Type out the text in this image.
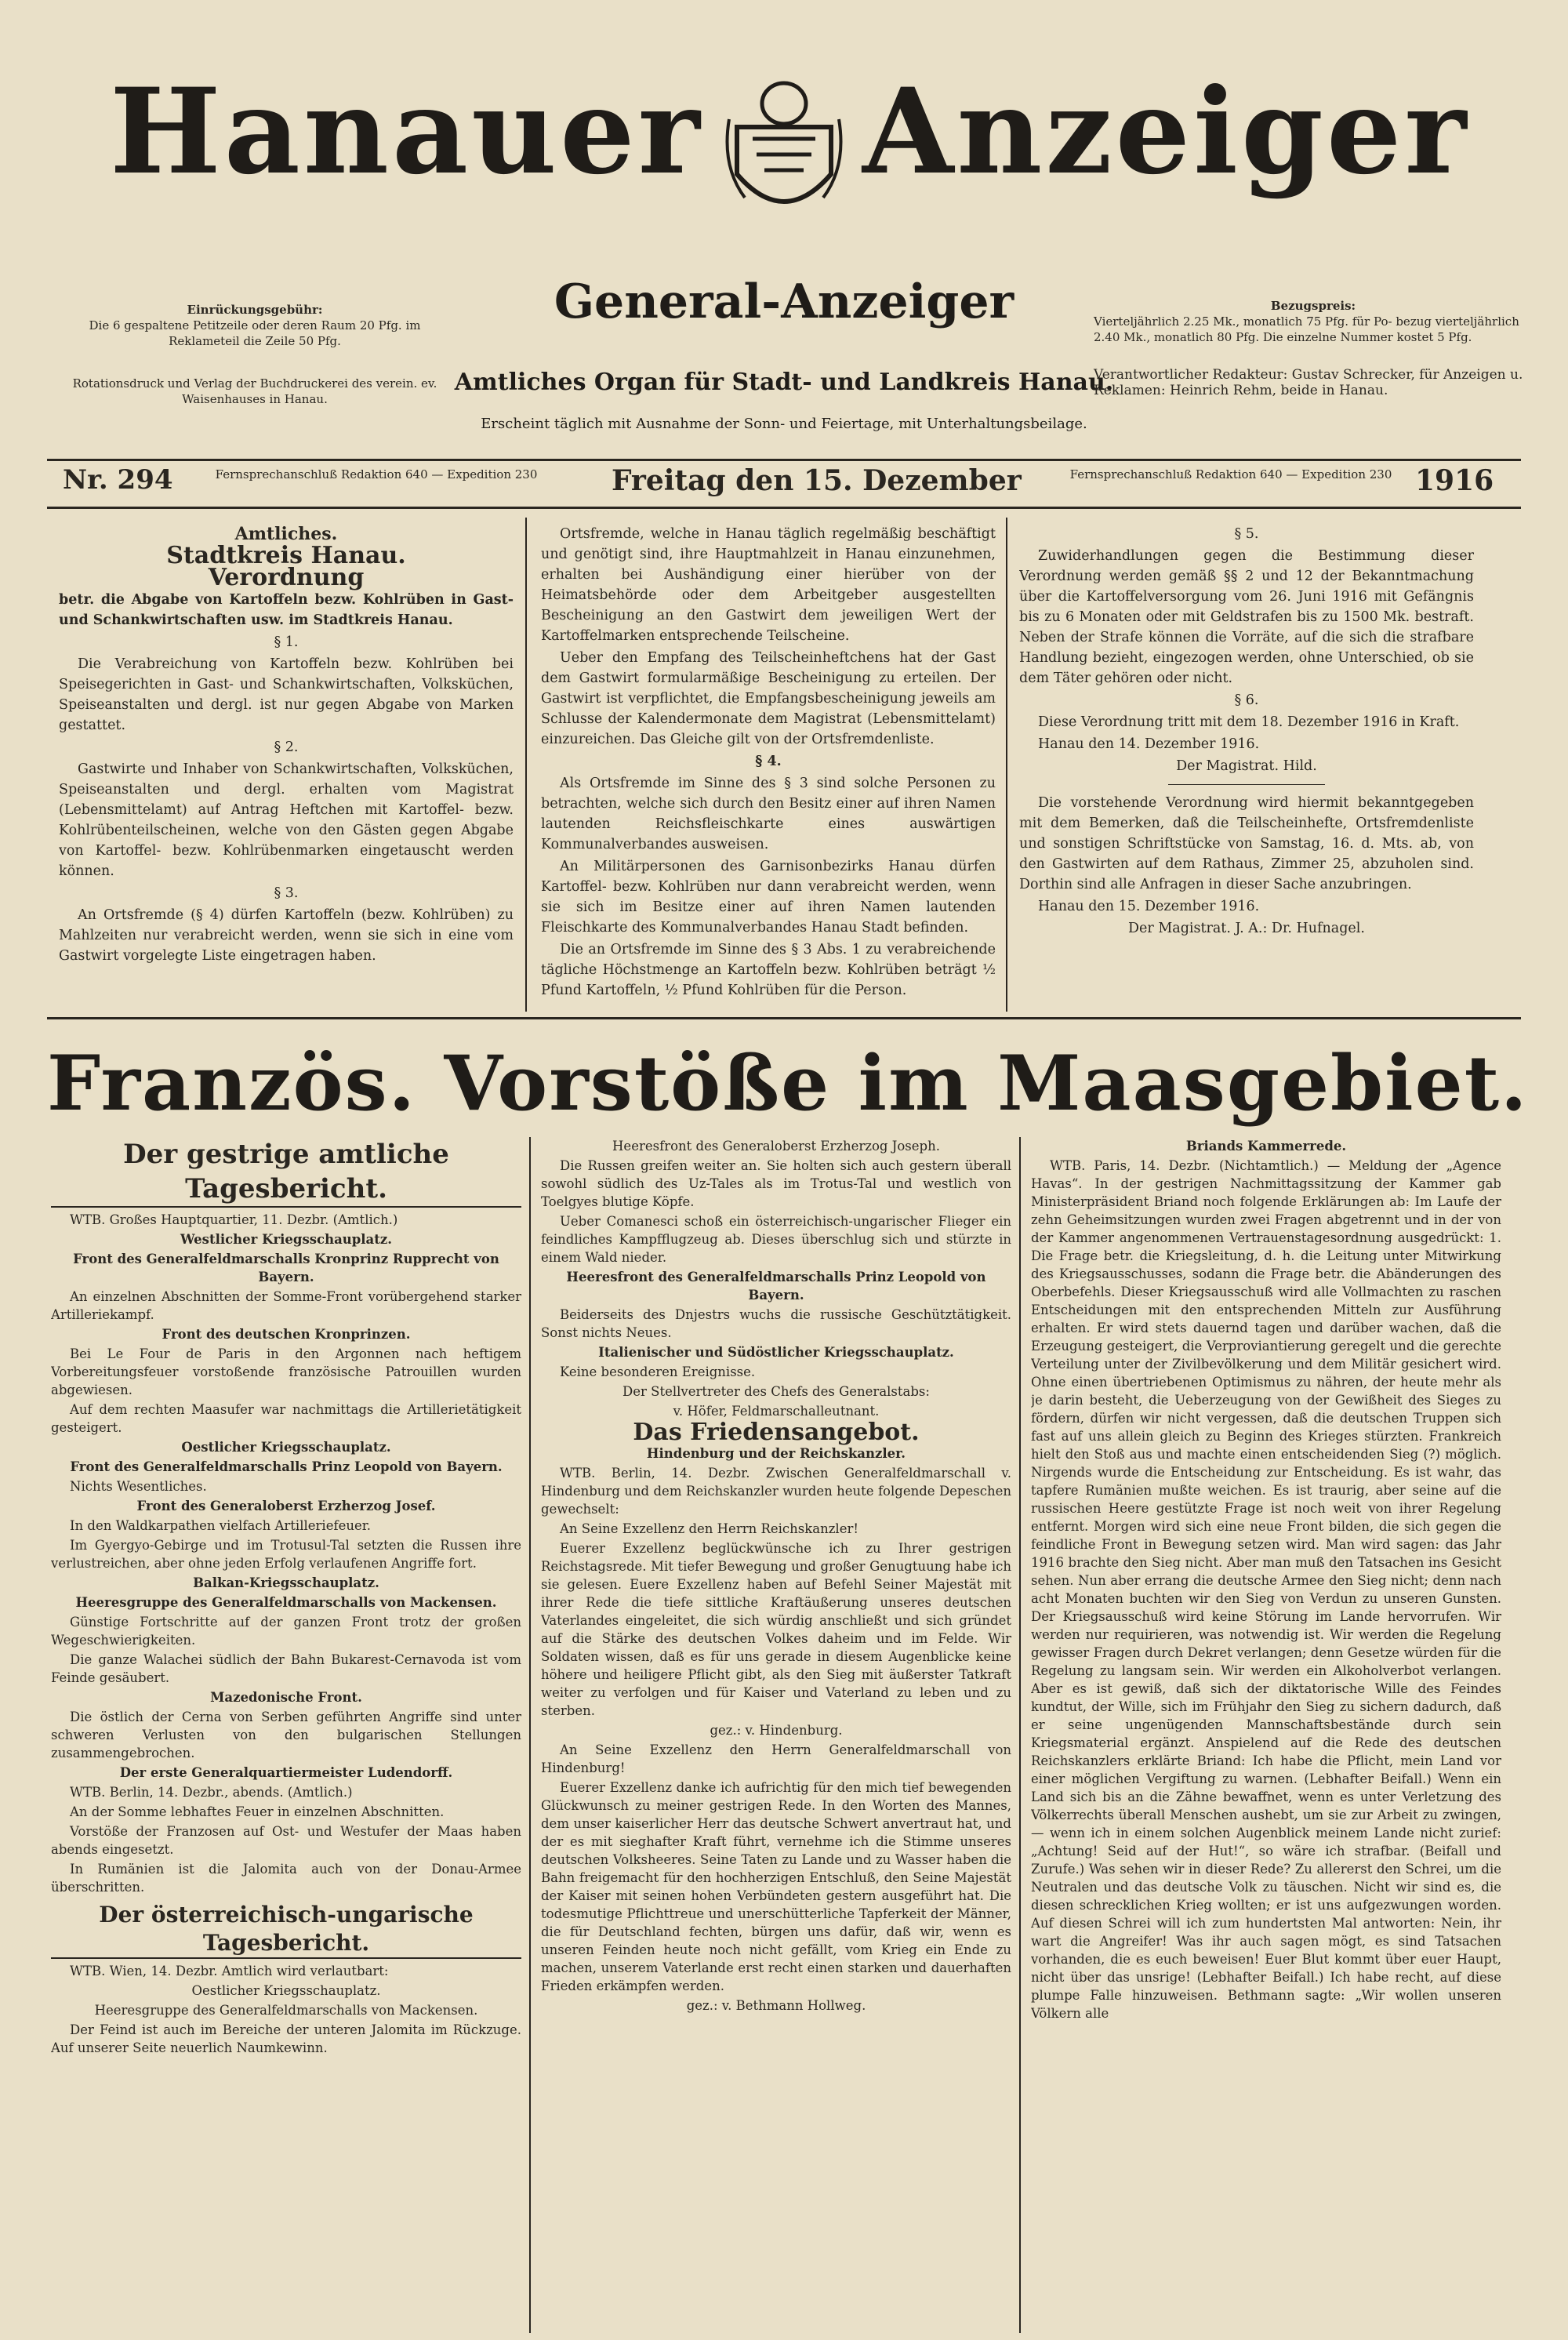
Hanauer Anzeiger
General-Anzeiger
Amtliches Organ für Stadt- und Landkreis Hanau.
Erscheint täglich mit Ausnahme der Sonn- und Feiertage, mit Unterhaltungsbeilage.
Einrückungsgebühr:
Die 6 gespaltene Petitzeile oder deren Raum 20 Pfg. im Reklameteil die Zeile 50 Pfg.
Rotationsdruck und Verlag der Buchdruckerei des verein. ev. Waisenhauses in Hanau.
Bezugspreis:
Vierteljährlich 2.25 Mk., monatlich 75 Pfg. für Po- bezug vierteljährlich 2.40 Mk., monatlich 80 Pfg. Die einzelne Nummer kostet 5 Pfg.
Verantwortlicher Redakteur: Gustav Schrecker, für Anzeigen u. Reklamen: Heinrich Rehm, beide in Hanau.
Nr. 294	Fernsprechanschluß Redaktion 640 — Expedition 230	Freitag den 15. Dezember	Fernsprechanschluß Redaktion 640 — Expedition 230 1916
Amtliches.
Stadtkreis Hanau.
Verordnung

betr. die Abgabe von Kartoffeln bezw. Kohlrüben in Gast- und Schankwirtschaften usw. im Stadtkreis Hanau.

§ 1.

Die Verabreichung von Kartoffeln bezw. Kohlrüben bei Speisegerichten in Gast- und Schankwirtschaften, Volksküchen, Speiseanstalten und dergl. ist nur gegen Abgabe von Marken gestattet.

§ 2.

Gastwirte und Inhaber von Schankwirtschaften, Volksküchen, Speiseanstalten und dergl. erhalten vom Magistrat (Lebensmittelamt) auf Antrag Heftchen mit Kartoffel- bezw. Kohlrübenteilscheinen, welche von den Gästen gegen Abgabe von Kartoffel- bezw. Kohlrübenmarken eingetauscht werden können.

§ 3.

An Ortsfremde (§ 4) dürfen Kartoffeln (bezw. Kohlrüben) zu Mahlzeiten nur verabreicht werden, wenn sie sich in eine vom Gastwirt vorgelegte Liste eingetragen haben.

Ortsfremde, welche in Hanau täglich regelmäßig beschäftigt und genötigt sind, ihre Hauptmahlzeit in Hanau einzunehmen, erhalten bei Aushändigung einer hierüber von der Heimatsbehörde oder dem Arbeitgeber ausgestellten Bescheinigung an den Gastwirt dem jeweiligen Wert der Kartoffelmarken entsprechende Teilscheine.

Ueber den Empfang des Teilscheinheftchens hat der Gast dem Gastwirt formularmäßige Bescheinigung zu erteilen. Der Gastwirt ist verpflichtet, die Empfangsbescheinigung jeweils am Schlusse der Kalendermonate dem Magistrat (Lebensmittelamt) einzureichen. Das Gleiche gilt von der Ortsfremdenliste.

§ 4.

Als Ortsfremde im Sinne des § 3 sind solche Personen zu betrachten, welche sich durch den Besitz einer auf ihren Namen lautenden Reichsfleischkarte eines auswärtigen Kommunalverbandes ausweisen.

An Militärpersonen des Garnisonbezirks Hanau dürfen Kartoffel- bezw. Kohlrüben nur dann verabreicht werden, wenn sie sich im Besitze einer auf ihren Namen lautenden Fleischkarte des Kommunalverbandes Hanau Stadt befinden.

Die an Ortsfremde im Sinne des § 3 Abs. 1 zu verabreichende tägliche Höchstmenge an Kartoffeln bezw. Kohlrüben beträgt ½ Pfund Kartoffeln, ½ Pfund Kohlrüben für die Person.

§ 5.

Zuwiderhandlungen gegen die Bestimmung dieser Verordnung werden gemäß §§ 2 und 12 der Bekanntmachung über die Kartoffelversorgung vom 26. Juni 1916 mit Gefängnis bis zu 6 Monaten oder mit Geldstrafen bis zu 1500 Mk. bestraft. Neben der Strafe können die Vorräte, auf die sich die strafbare Handlung bezieht, eingezogen werden, ohne Unterschied, ob sie dem Täter gehören oder nicht.

§ 6.

Diese Verordnung tritt mit dem 18. Dezember 1916 in Kraft.

Hanau den 14. Dezember 1916.

Der Magistrat. Hild.

Die vorstehende Verordnung wird hiermit bekanntgegeben mit dem Bemerken, daß die Teilscheinhefte, Ortsfremdenliste und sonstigen Schriftstücke von Samstag, 16. d. Mts. ab, von den Gastwirten auf dem Rathaus, Zimmer 25, abzuholen sind. Dorthin sind alle Anfragen in dieser Sache anzubringen.

Hanau den 15. Dezember 1916.

Der Magistrat. J. A.: Dr. Hufnagel.

Französ. Vorstöße im Maasgebiet.
Der gestrige amtliche Tagesbericht.

WTB. Großes Hauptquartier, 11. Dezbr. (Amtlich.)

Westlicher Kriegsschauplatz.

Front des Generalfeldmarschalls Kronprinz Rupprecht von Bayern.

An einzelnen Abschnitten der Somme-Front vorübergehend starker Artilleriekampf.

Front des deutschen Kronprinzen.

Bei Le Four de Paris in den Argonnen nach heftigem Vorbereitungsfeuer vorstoßende französische Patrouillen wurden abgewiesen.

Auf dem rechten Maasufer war nachmittags die Artillerietätigkeit gesteigert.

Oestlicher Kriegsschauplatz.

Front des Generalfeldmarschalls Prinz Leopold von Bayern.

Nichts Wesentliches.

Front des Generaloberst Erzherzog Josef.

In den Waldkarpathen vielfach Artilleriefeuer.

Im Gyergyo-Gebirge und im Trotusul-Tal setzten die Russen ihre verlustreichen, aber ohne jeden Erfolg verlaufenen Angriffe fort.

Balkan-Kriegsschauplatz.

Heeresgruppe des Generalfeldmarschalls von Mackensen.

Günstige Fortschritte auf der ganzen Front trotz der großen Wegeschwierigkeiten.

Die ganze Walachei südlich der Bahn Bukarest-Cernavoda ist vom Feinde gesäubert.

Mazedonische Front.

Die östlich der Cerna von Serben geführten Angriffe sind unter schweren Verlusten von den bulgarischen Stellungen zusammengebrochen.

Der erste Generalquartiermeister Ludendorff.

WTB. Berlin, 14. Dezbr., abends. (Amtlich.)

An der Somme lebhaftes Feuer in einzelnen Abschnitten.

Vorstöße der Franzosen auf Ost- und Westufer der Maas haben abends eingesetzt.

In Rumänien ist die Jalomita auch von der Donau-Armee überschritten.

Der österreichisch-ungarische Tagesbericht.

WTB. Wien, 14. Dezbr. Amtlich wird verlautbart:

Oestlicher Kriegsschauplatz.

Heeresgruppe des Generalfeldmarschalls von Mackensen.

Der Feind ist auch im Bereiche der unteren Jalomita im Rückzuge. Auf unserer Seite neuerlich Naumkewinn.

Heeresfront des Generaloberst Erzherzog Joseph.

Die Russen greifen weiter an. Sie holten sich auch gestern überall sowohl südlich des Uz-Tales als im Trotus-Tal und westlich von Toelgyes blutige Köpfe.

Ueber Comanesci schoß ein österreichisch-ungarischer Flieger ein feindliches Kampfflugzeug ab. Dieses überschlug sich und stürzte in einem Wald nieder.

Heeresfront des Generalfeldmarschalls Prinz Leopold von Bayern.

Beiderseits des Dnjestrs wuchs die russische Geschütztätigkeit. Sonst nichts Neues.

Italienischer und Südöstlicher Kriegsschauplatz.

Keine besonderen Ereignisse.

Der Stellvertreter des Chefs des Generalstabs:

v. Höfer, Feldmarschalleutnant.

Das Friedensangebot.

Hindenburg und der Reichskanzler.

WTB. Berlin, 14. Dezbr. Zwischen Generalfeldmarschall v. Hindenburg und dem Reichskanzler wurden heute folgende Depeschen gewechselt:

An Seine Exzellenz den Herrn Reichskanzler!

Euerer Exzellenz beglückwünsche ich zu Ihrer gestrigen Reichstagsrede. Mit tiefer Bewegung und großer Genugtuung habe ich sie gelesen. Euere Exzellenz haben auf Befehl Seiner Majestät mit ihrer Rede die tiefe sittliche Kraftäußerung unseres deutschen Vaterlandes eingeleitet, die sich würdig anschließt und sich gründet auf die Stärke des deutschen Volkes daheim und im Felde. Wir Soldaten wissen, daß es für uns gerade in diesem Augenblicke keine höhere und heiligere Pflicht gibt, als den Sieg mit äußerster Tatkraft weiter zu verfolgen und für Kaiser und Vaterland zu leben und zu sterben.

gez.: v. Hindenburg.

An Seine Exzellenz den Herrn Generalfeldmarschall von Hindenburg!

Euerer Exzellenz danke ich aufrichtig für den mich tief bewegenden Glückwunsch zu meiner gestrigen Rede. In den Worten des Mannes, dem unser kaiserlicher Herr das deutsche Schwert anvertraut hat, und der es mit sieghafter Kraft führt, vernehme ich die Stimme unseres deutschen Volksheeres. Seine Taten zu Lande und zu Wasser haben die Bahn freigemacht für den hochherzigen Entschluß, den Seine Majestät der Kaiser mit seinen hohen Verbündeten gestern ausgeführt hat. Die todesmutige Pflichttreue und unerschütterliche Tapferkeit der Männer, die für Deutschland fechten, bürgen uns dafür, daß wir, wenn es unseren Feinden heute noch nicht gefällt, vom Krieg ein Ende zu machen, unserem Vaterlande erst recht einen starken und dauerhaften Frieden erkämpfen werden.

gez.: v. Bethmann Hollweg.

Briands Kammerrede.

WTB. Paris, 14. Dezbr. (Nichtamtlich.) — Meldung der „Agence Havas“. In der gestrigen Nachmittagssitzung der Kammer gab Ministerpräsident Briand noch folgende Erklärungen ab: Im Laufe der zehn Geheimsitzungen wurden zwei Fragen abgetrennt und in der von der Kammer angenommenen Vertrauenstagesordnung ausgedrückt: 1. Die Frage betr. die Kriegsleitung, d. h. die Leitung unter Mitwirkung des Kriegsausschusses, sodann die Frage betr. die Abänderungen des Oberbefehls. Dieser Kriegsausschuß wird alle Vollmachten zu raschen Entscheidungen mit den entsprechenden Mitteln zur Ausführung erhalten. Er wird stets dauernd tagen und darüber wachen, daß die Erzeugung gesteigert, die Verproviantierung geregelt und die gerechte Verteilung unter der Zivilbevölkerung und dem Militär gesichert wird. Ohne einen übertriebenen Optimismus zu nähren, der heute mehr als je darin besteht, die Ueberzeugung von der Gewißheit des Sieges zu fördern, dürfen wir nicht vergessen, daß die deutschen Truppen sich fast auf uns allein gleich zu Beginn des Krieges stürzten. Frankreich hielt den Stoß aus und machte einen entscheidenden Sieg (?) möglich. Nirgends wurde die Entscheidung zur Entscheidung. Es ist wahr, das tapfere Rumänien mußte weichen. Es ist traurig, aber seine auf die russischen Heere gestützte Frage ist noch weit von ihrer Regelung entfernt. Morgen wird sich eine neue Front bilden, die sich gegen die feindliche Front in Bewegung setzen wird. Man wird sagen: das Jahr 1916 brachte den Sieg nicht. Aber man muß den Tatsachen ins Gesicht sehen. Nun aber errang die deutsche Armee den Sieg nicht; denn nach acht Monaten buchten wir den Sieg von Verdun zu unseren Gunsten. Der Kriegsausschuß wird keine Störung im Lande hervorrufen. Wir werden nur requirieren, was notwendig ist. Wir werden die Regelung gewisser Fragen durch Dekret verlangen; denn Gesetze würden für die Regelung zu langsam sein. Wir werden ein Alkoholverbot verlangen. Aber es ist gewiß, daß sich der diktatorische Wille des Feindes kundtut, der Wille, sich im Frühjahr den Sieg zu sichern dadurch, daß er seine ungenügenden Mannschaftsbestände durch sein Kriegsmaterial ergänzt. Anspielend auf die Rede des deutschen Reichskanzlers erklärte Briand: Ich habe die Pflicht, mein Land vor einer möglichen Vergiftung zu warnen. (Lebhafter Beifall.) Wenn ein Land sich bis an die Zähne bewaffnet, wenn es unter Verletzung des Völkerrechts überall Menschen aushebt, um sie zur Arbeit zu zwingen, — wenn ich in einem solchen Augenblick meinem Lande nicht zurief: „Achtung! Seid auf der Hut!“, so wäre ich strafbar. (Beifall und Zurufe.) Was sehen wir in dieser Rede? Zu allererst den Schrei, um die Neutralen und das deutsche Volk zu täuschen. Nicht wir sind es, die diesen schrecklichen Krieg wollten; er ist uns aufgezwungen worden. Auf diesen Schrei will ich zum hundertsten Mal antworten: Nein, ihr wart die Angreifer! Was ihr auch sagen mögt, es sind Tatsachen vorhanden, die es euch beweisen! Euer Blut kommt über euer Haupt, nicht über das unsrige! (Lebhafter Beifall.) Ich habe recht, auf diese plumpe Falle hinzuweisen. Bethmann sagte: „Wir wollen unseren Völkern alle
